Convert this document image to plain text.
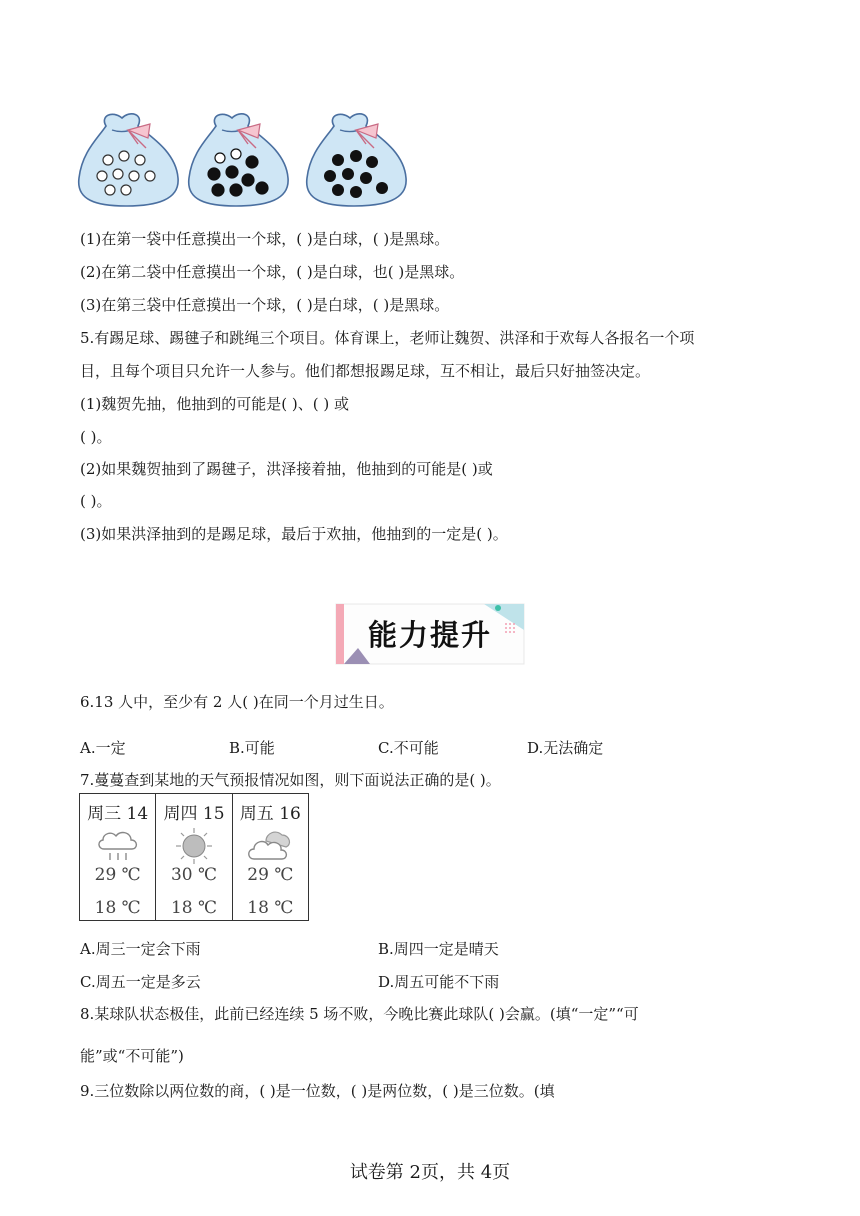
(1)在第一袋中任意摸出一个球，( )是白球，( )是黑球。
(2)在第二袋中任意摸出一个球，( )是白球，也( )是黑球。
(3)在第三袋中任意摸出一个球，( )是白球，( )是黑球。
5.有踢足球、踢毽子和跳绳三个项目。体育课上，老师让魏贺、洪泽和于欢每人各报名一个项
目，且每个项目只允许一人参与。他们都想报踢足球，互不相让，最后只好抽签决定。
(1)魏贺先抽，他抽到的可能是( )、( ) 或
( )。
(2)如果魏贺抽到了踢毽子，洪泽接着抽，他抽到的可能是( )或
( )。
(3)如果洪泽抽到的是踢足球，最后于欢抽，他抽到的一定是( )。
能力提升
6.13 人中，至少有 2 人( )在同一个月过生日。
A.一定	B.可能	C.不可能	D.无法确定
7.蔓蔓查到某地的天气预报情况如图，则下面说法正确的是( )。
周三 14
29 ℃
18 ℃
周四 15
30 ℃
18 ℃
周五 16
29 ℃
18 ℃
A.周三一定会下雨	B.周四一定是晴天
C.周五一定是多云	D.周五可能不下雨
8.某球队状态极佳，此前已经连续 5 场不败，今晚比赛此球队( )会赢。(填“一定”“可
能”或“不可能”)
9.三位数除以两位数的商，( )是一位数，( )是两位数，( )是三位数。(填
试卷第 2页，共 4页
